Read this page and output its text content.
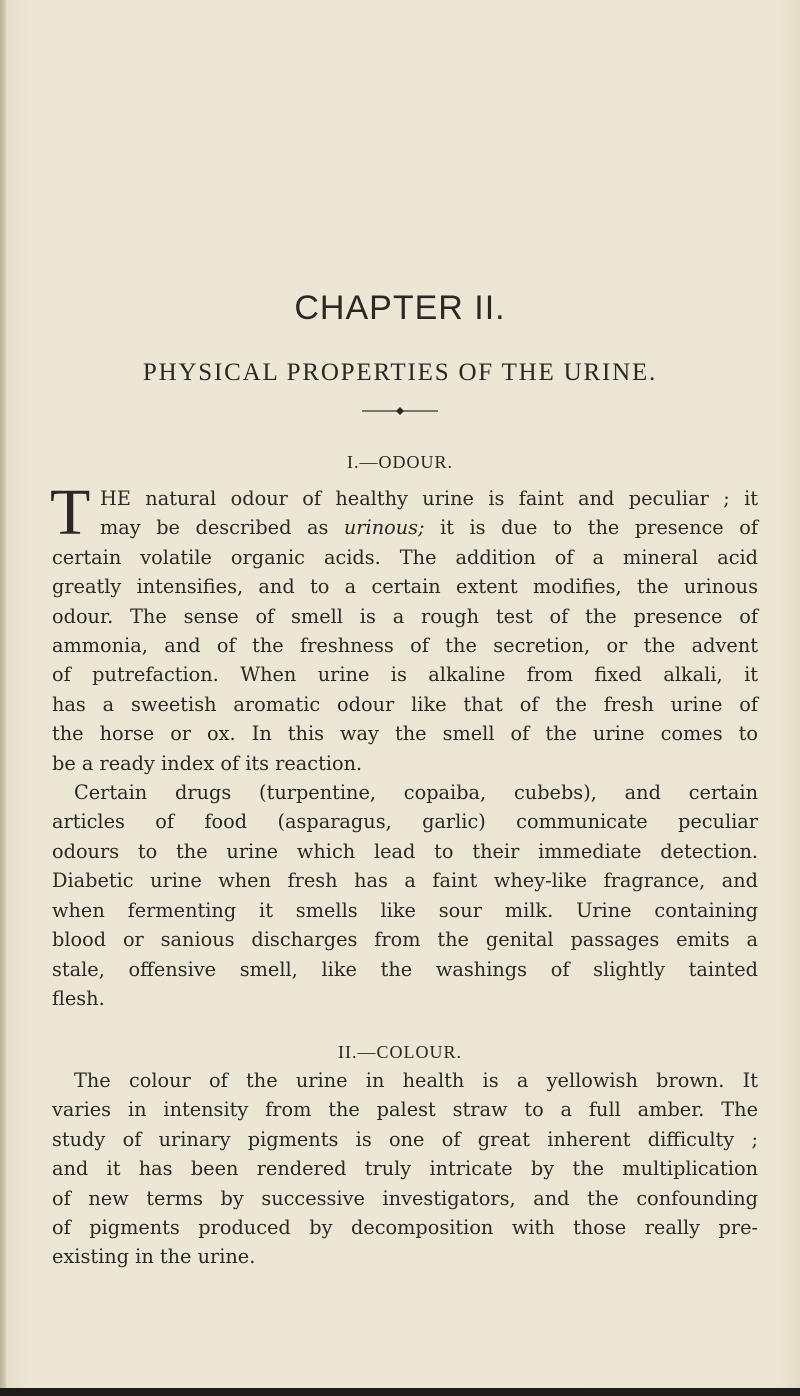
CHAPTER II.
PHYSICAL PROPERTIES OF THE URINE.
I.—ODOUR.
T HE natural odour of healthy urine is faint and peculiar ; it
may be described as urinous; it is due to the presence of
certain volatile organic acids. The addition of a mineral acid
greatly intensifies, and to a certain extent modifies, the urinous
odour. The sense of smell is a rough test of the presence of
ammonia, and of the freshness of the secretion, or the advent
of putrefaction. When urine is alkaline from fixed alkali, it
has a sweetish aromatic odour like that of the fresh urine of
the horse or ox. In this way the smell of the urine comes to
be a ready index of its reaction.
Certain drugs (turpentine, copaiba, cubebs), and certain
articles of food (asparagus, garlic) communicate peculiar
odours to the urine which lead to their immediate detection.
Diabetic urine when fresh has a faint whey-like fragrance, and
when fermenting it smells like sour milk. Urine containing
blood or sanious discharges from the genital passages emits a
stale, offensive smell, like the washings of slightly tainted
flesh.
II.—COLOUR.
The colour of the urine in health is a yellowish brown. It
varies in intensity from the palest straw to a full amber. The
study of urinary pigments is one of great inherent difficulty ;
and it has been rendered truly intricate by the multiplication
of new terms by successive investigators, and the confounding
of pigments produced by decomposition with those really pre-
existing in the urine.
